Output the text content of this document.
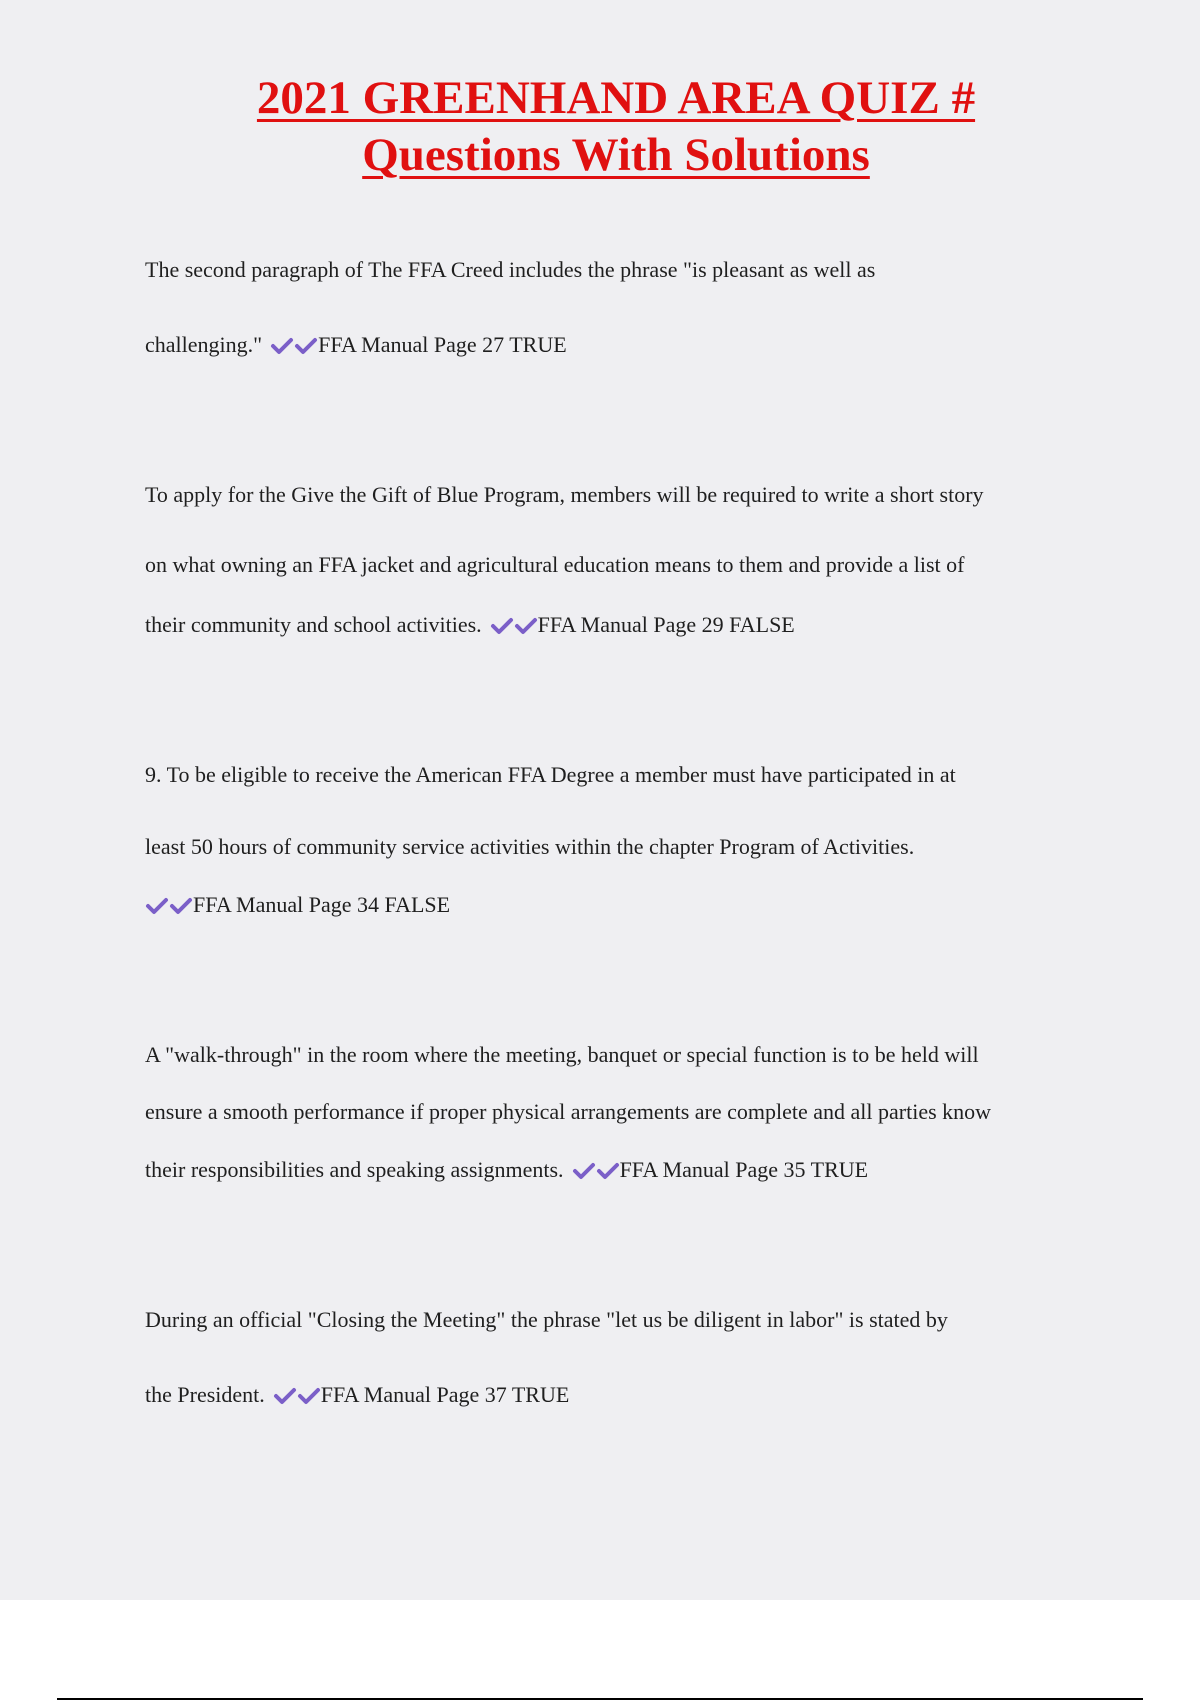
2021 GREENHAND AREA QUIZ #
Questions With Solutions
The second paragraph of The FFA Creed includes the phrase "is pleasant as well as
challenging."	FFA Manual Page 27 TRUE
To apply for the Give the Gift of Blue Program, members will be required to write a short story
on what owning an FFA jacket and agricultural education means to them and provide a list of
their community and school activities.	FFA Manual Page 29 FALSE
9. To be eligible to receive the American FFA Degree a member must have participated in at
least 50 hours of community service activities within the chapter Program of Activities.
FFA Manual Page 34 FALSE
A "walk-through" in the room where the meeting, banquet or special function is to be held will
ensure a smooth performance if proper physical arrangements are complete and all parties know
their responsibilities and speaking assignments.	FFA Manual Page 35 TRUE
During an official "Closing the Meeting" the phrase "let us be diligent in labor" is stated by
the President.	FFA Manual Page 37 TRUE
